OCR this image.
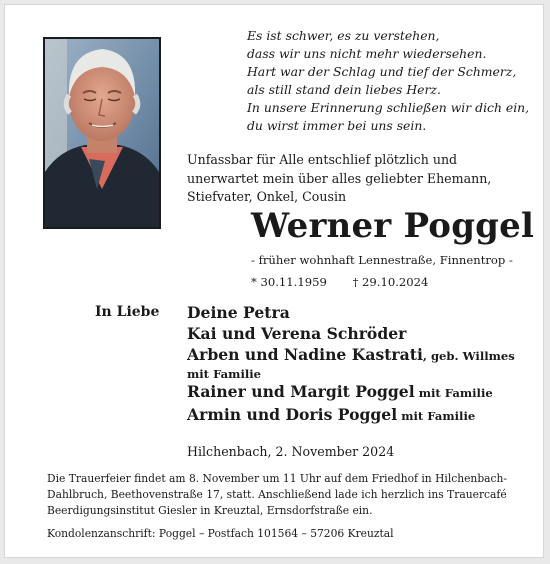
Es ist schwer, es zu verstehen,
dass wir uns nicht mehr wiedersehen.
Hart war der Schlag und tief der Schmerz,
als still stand dein liebes Herz.
In unsere Erinnerung schließen wir dich ein,
du wirst immer bei uns sein.
Unfassbar für Alle entschlief plötzlich und
unerwartet mein über alles geliebter Ehemann,
Stiefvater, Onkel, Cousin
Werner Poggel
- früher wohnhaft Lennestraße, Finnentrop -
* 30.11.1959 † 29.10.2024
In Liebe Deine Petra
Kai und Verena Schröder
Arben und Nadine Kastrati, geb. Willmes
mit Familie
Rainer und Margit Poggel mit Familie
Armin und Doris Poggel mit Familie
Hilchenbach, 2. November 2024
Die Trauerfeier findet am 8. November um 11 Uhr auf dem Friedhof in Hilchenbach-
Dahlbruch, Beethovenstraße 17, statt. Anschließend lade ich herzlich ins Trauercafé
Beerdigungsinstitut Giesler in Kreuztal, Ernsdorfstraße ein.
Kondolenzanschrift: Poggel – Postfach 101564 – 57206 Kreuztal
